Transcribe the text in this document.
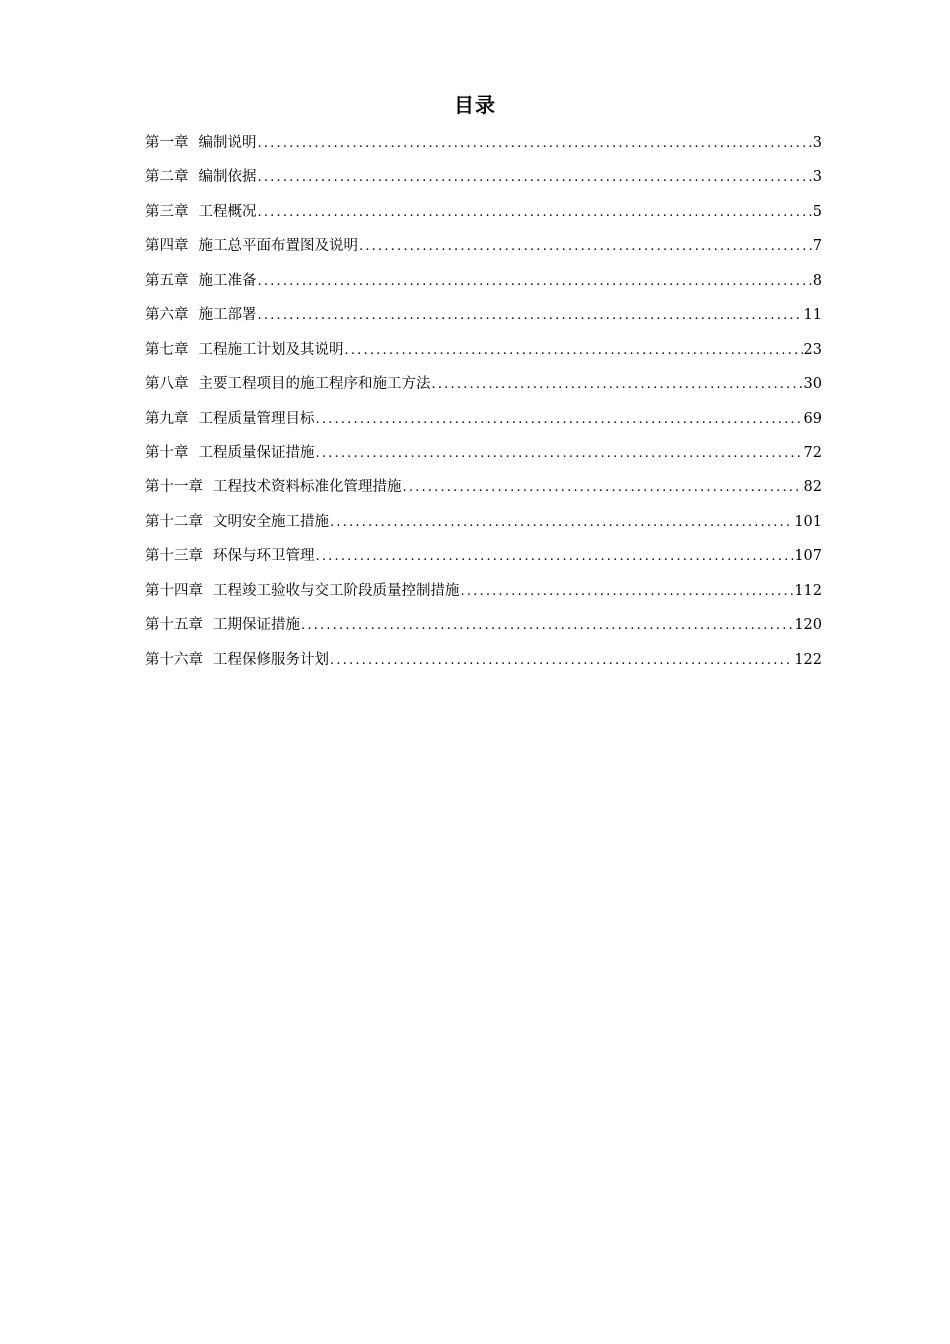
目录
第一章 编制说明 .....	3
第二章 编制依据 .....	3
第三章 工程概况 .....	5
第四章 施工总平面布置图及说明 .....	7
第五章 施工准备 .....	8
第六章 施工部署 .....	11
第七章 工程施工计划及其说明 .....	23
第八章 主要工程项目的施工程序和施工方法 .....	30
第九章 工程质量管理目标 .....	69
第十章 工程质量保证措施 .....	72
第十一章 工程技术资料标准化管理措施 .....	82
第十二章 文明安全施工措施 .....	101
第十三章 环保与环卫管理 .....	107
第十四章 工程竣工验收与交工阶段质量控制措施 .....	112
第十五章 工期保证措施 .....	120
第十六章 工程保修服务计划 .....	122
